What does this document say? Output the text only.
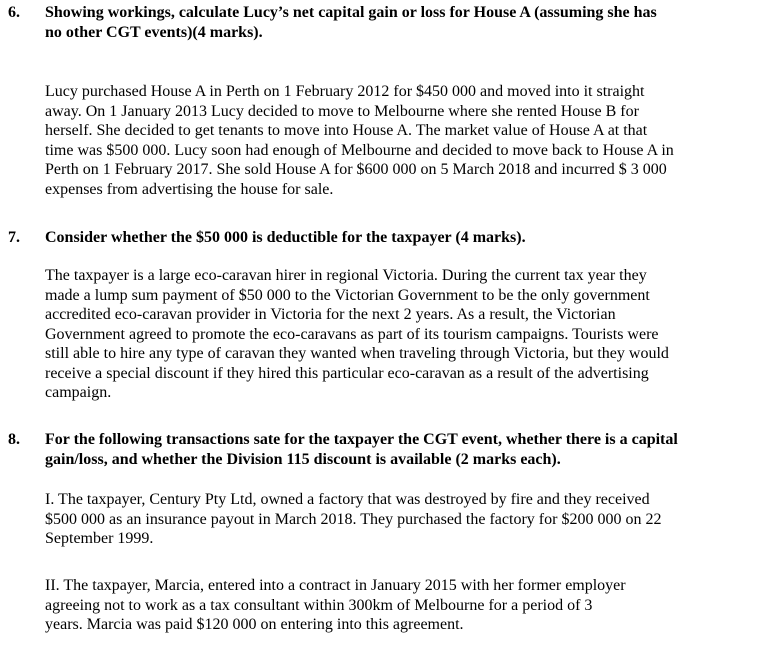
6. Showing workings, calculate Lucy’s net capital gain or loss for House A (assuming she has
no other CGT events)(4 marks).
Lucy purchased House A in Perth on 1 February 2012 for $450 000 and moved into it straight
away. On 1 January 2013 Lucy decided to move to Melbourne where she rented House B for
herself. She decided to get tenants to move into House A. The market value of House A at that
time was $500 000. Lucy soon had enough of Melbourne and decided to move back to House A in
Perth on 1 February 2017. She sold House A for $600 000 on 5 March 2018 and incurred $ 3 000
expenses from advertising the house for sale.
7. Consider whether the $50 000 is deductible for the taxpayer (4 marks).
The taxpayer is a large eco-caravan hirer in regional Victoria. During the current tax year they
made a lump sum payment of $50 000 to the Victorian Government to be the only government
accredited eco-caravan provider in Victoria for the next 2 years. As a result, the Victorian
Government agreed to promote the eco-caravans as part of its tourism campaigns. Tourists were
still able to hire any type of caravan they wanted when traveling through Victoria, but they would
receive a special discount if they hired this particular eco-caravan as a result of the advertising
campaign.
8. For the following transactions sate for the taxpayer the CGT event, whether there is a capital
gain/loss, and whether the Division 115 discount is available (2 marks each).
I. The taxpayer, Century Pty Ltd, owned a factory that was destroyed by fire and they received
$500 000 as an insurance payout in March 2018. They purchased the factory for $200 000 on 22
September 1999.
II. The taxpayer, Marcia, entered into a contract in January 2015 with her former employer
agreeing not to work as a tax consultant within 300km of Melbourne for a period of 3
years. Marcia was paid $120 000 on entering into this agreement.
